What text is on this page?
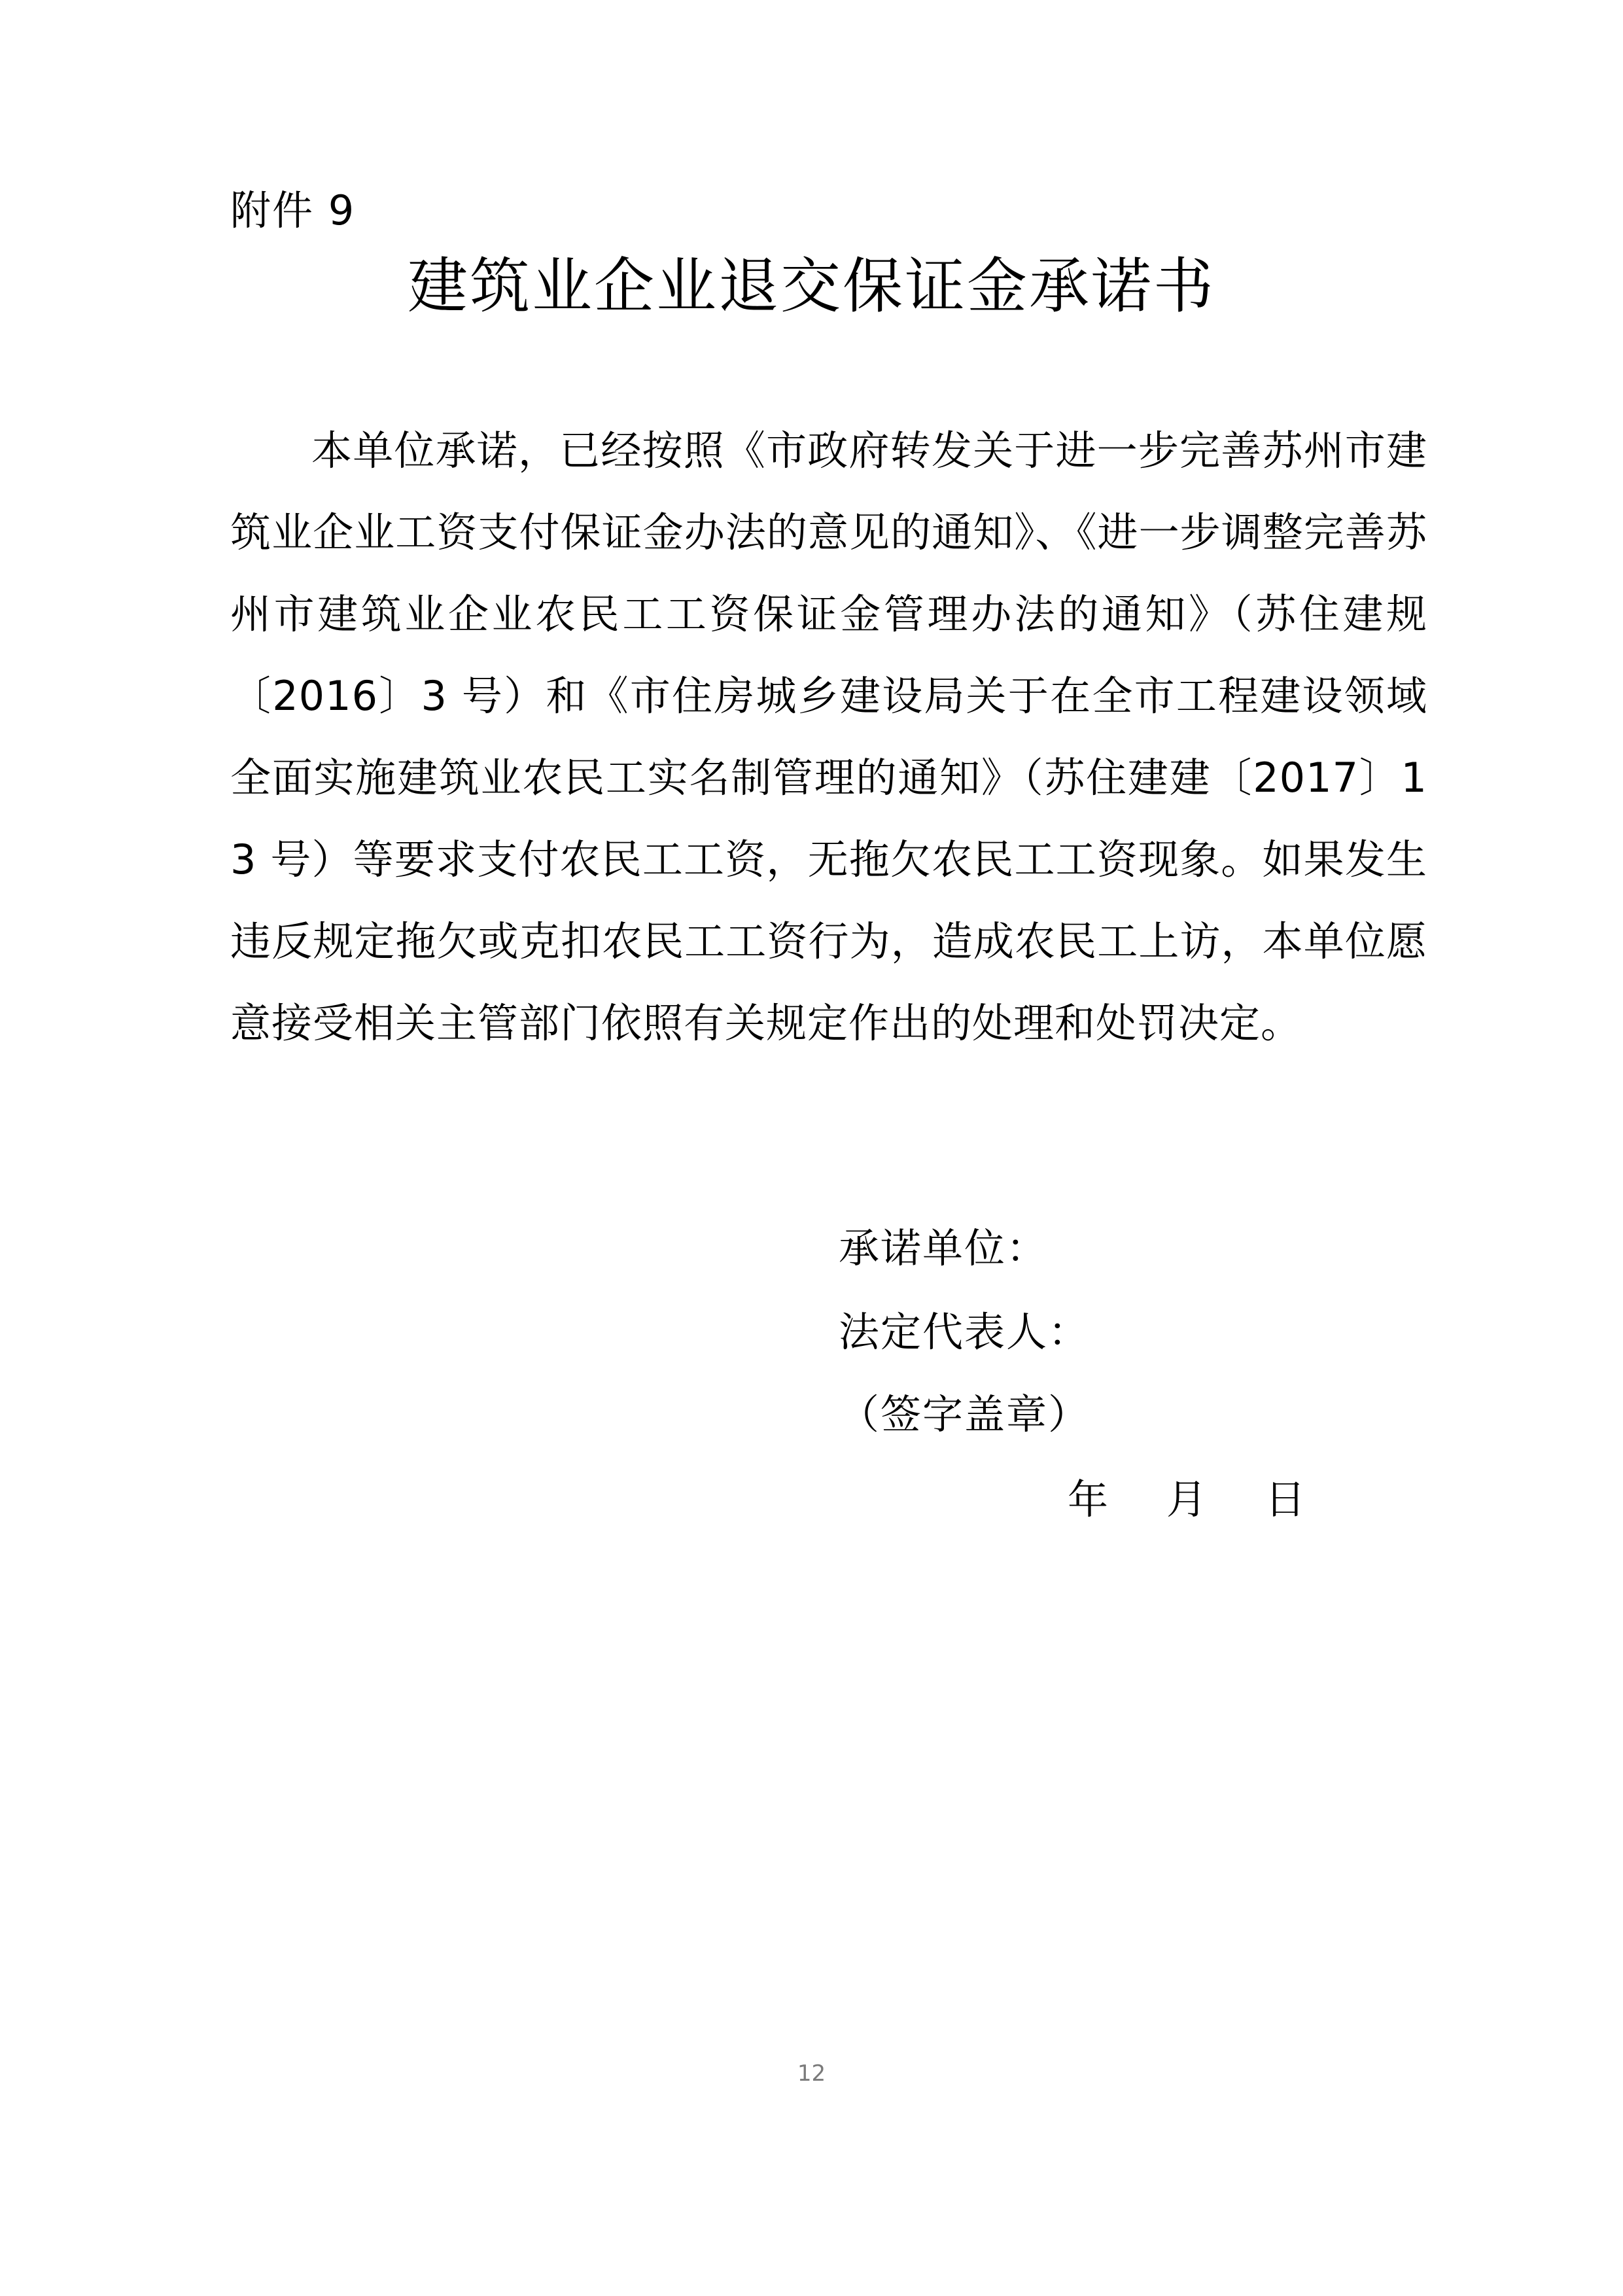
附件 9
建筑业企业退交保证金承诺书
本单位承诺，已经按照《市政府转发关于进一步完善苏州市建筑业企业工资支付保证金办法的意见的通知》、《进一步调整完善苏州市建筑业企业农民工工资保证金管理办法的通知》（苏住建规〔2016〕3 号）和《市住房城乡建设局关于在全市工程建设领域全面实施建筑业农民工实名制管理的通知》（苏住建建〔2017〕13 号）等要求支付农民工工资，无拖欠农民工工资现象。如果发生违反规定拖欠或克扣农民工工资行为，造成农民工上访，本单位愿意接受相关主管部门依照有关规定作出的处理和处罚决定。
承诺单位：
法定代表人：
（签字盖章）
年    月    日
12
